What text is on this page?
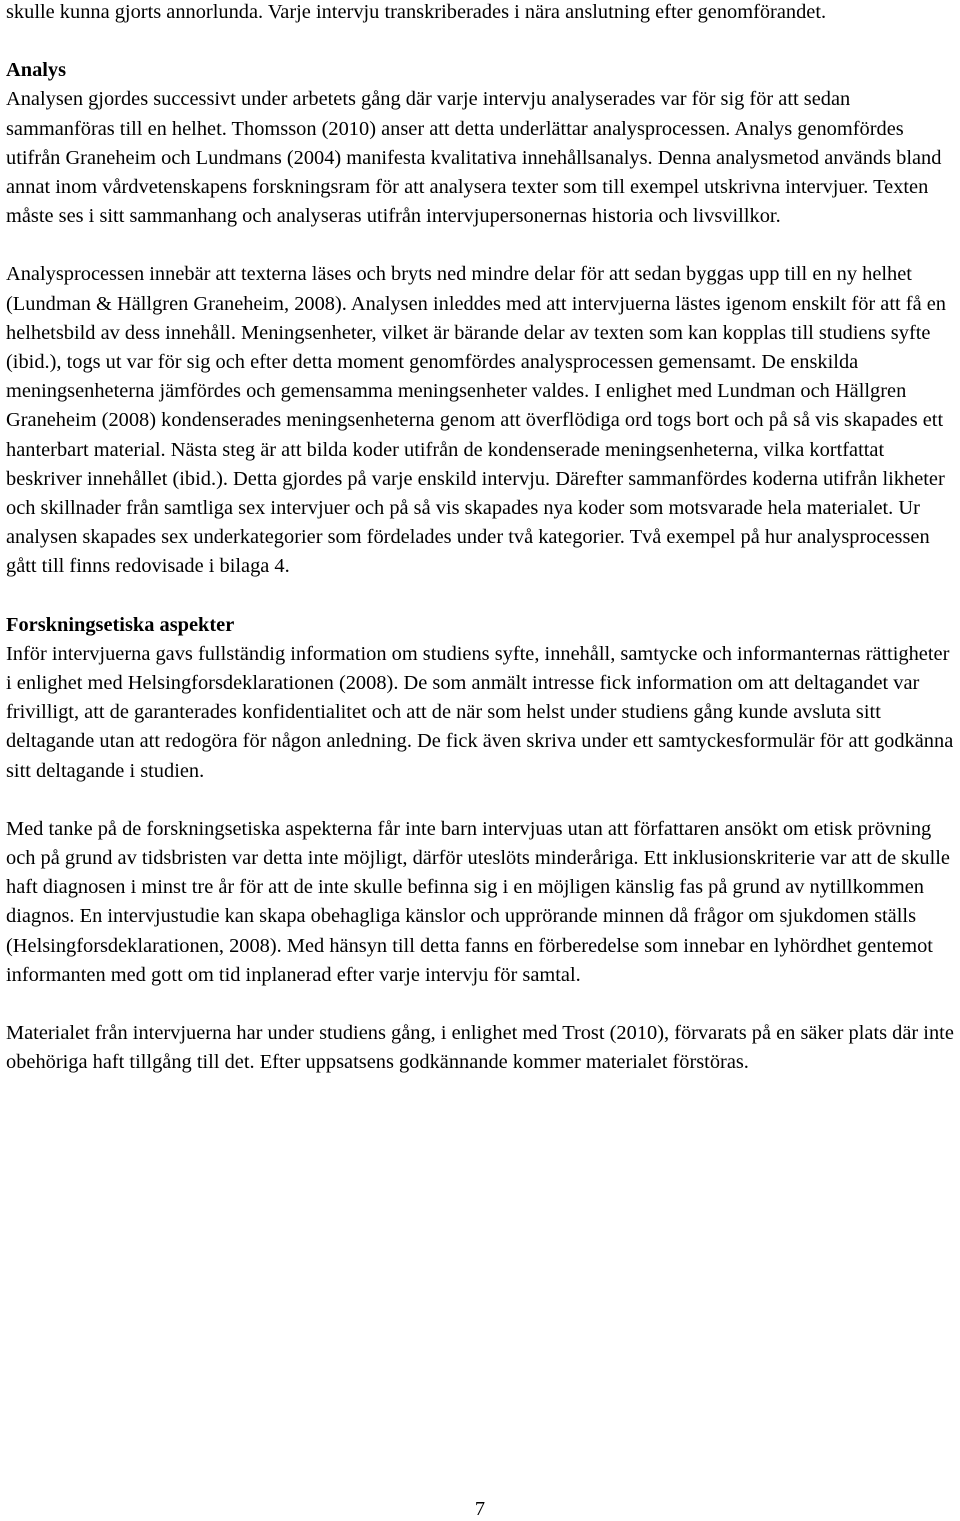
skulle kunna gjorts annorlunda. Varje intervju transkriberades i nära anslutning efter genomförandet.

Analys

Analysen gjordes successivt under arbetets gång där varje intervju analyserades var för sig för att sedan sammanföras till en helhet. Thomsson (2010) anser att detta underlättar analysprocessen. Analys genomfördes utifrån Graneheim och Lundmans (2004) manifesta kvalitativa innehållsanalys. Denna analysmetod används bland annat inom vårdvetenskapens forskningsram för att analysera texter som till exempel utskrivna intervjuer. Texten måste ses i sitt sammanhang och analyseras utifrån intervjupersonernas historia och livsvillkor.

Analysprocessen innebär att texterna läses och bryts ned mindre delar för att sedan byggas upp till en ny helhet (Lundman & Hällgren Graneheim, 2008). Analysen inleddes med att intervjuerna lästes igenom enskilt för att få en helhetsbild av dess innehåll. Meningsenheter, vilket är bärande delar av texten som kan kopplas till studiens syfte (ibid.), togs ut var för sig och efter detta moment genomfördes analysprocessen gemensamt. De enskilda meningsenheterna jämfördes och gemensamma meningsenheter valdes. I enlighet med Lundman och Hällgren Graneheim (2008) kondenserades meningsenheterna genom att överflödiga ord togs bort och på så vis skapades ett hanterbart material. Nästa steg är att bilda koder utifrån de kondenserade meningsenheterna, vilka kortfattat beskriver innehållet (ibid.). Detta gjordes på varje enskild intervju. Därefter sammanfördes koderna utifrån likheter och skillnader från samtliga sex intervjuer och på så vis skapades nya koder som motsvarade hela materialet. Ur analysen skapades sex underkategorier som fördelades under två kategorier. Två exempel på hur analysprocessen gått till finns redovisade i bilaga 4.

Forskningsetiska aspekter

Inför intervjuerna gavs fullständig information om studiens syfte, innehåll, samtycke och informanternas rättigheter i enlighet med Helsingforsdeklarationen (2008). De som anmält intresse fick information om att deltagandet var frivilligt, att de garanterades konfidentialitet och att de när som helst under studiens gång kunde avsluta sitt deltagande utan att redogöra för någon anledning. De fick även skriva under ett samtyckesformulär för att godkänna sitt deltagande i studien.

Med tanke på de forskningsetiska aspekterna får inte barn intervjuas utan att författaren ansökt om etisk prövning och på grund av tidsbristen var detta inte möjligt, därför uteslöts minderåriga. Ett inklusionskriterie var att de skulle haft diagnosen i minst tre år för att de inte skulle befinna sig i en möjligen känslig fas på grund av nytillkommen diagnos. En intervjustudie kan skapa obehagliga känslor och upprörande minnen då frågor om sjukdomen ställs (Helsingforsdeklarationen, 2008). Med hänsyn till detta fanns en förberedelse som innebar en lyhördhet gentemot informanten med gott om tid inplanerad efter varje intervju för samtal.

Materialet från intervjuerna har under studiens gång, i enlighet med Trost (2010), förvarats på en säker plats där inte obehöriga haft tillgång till det. Efter uppsatsens godkännande kommer materialet förstöras.

7
